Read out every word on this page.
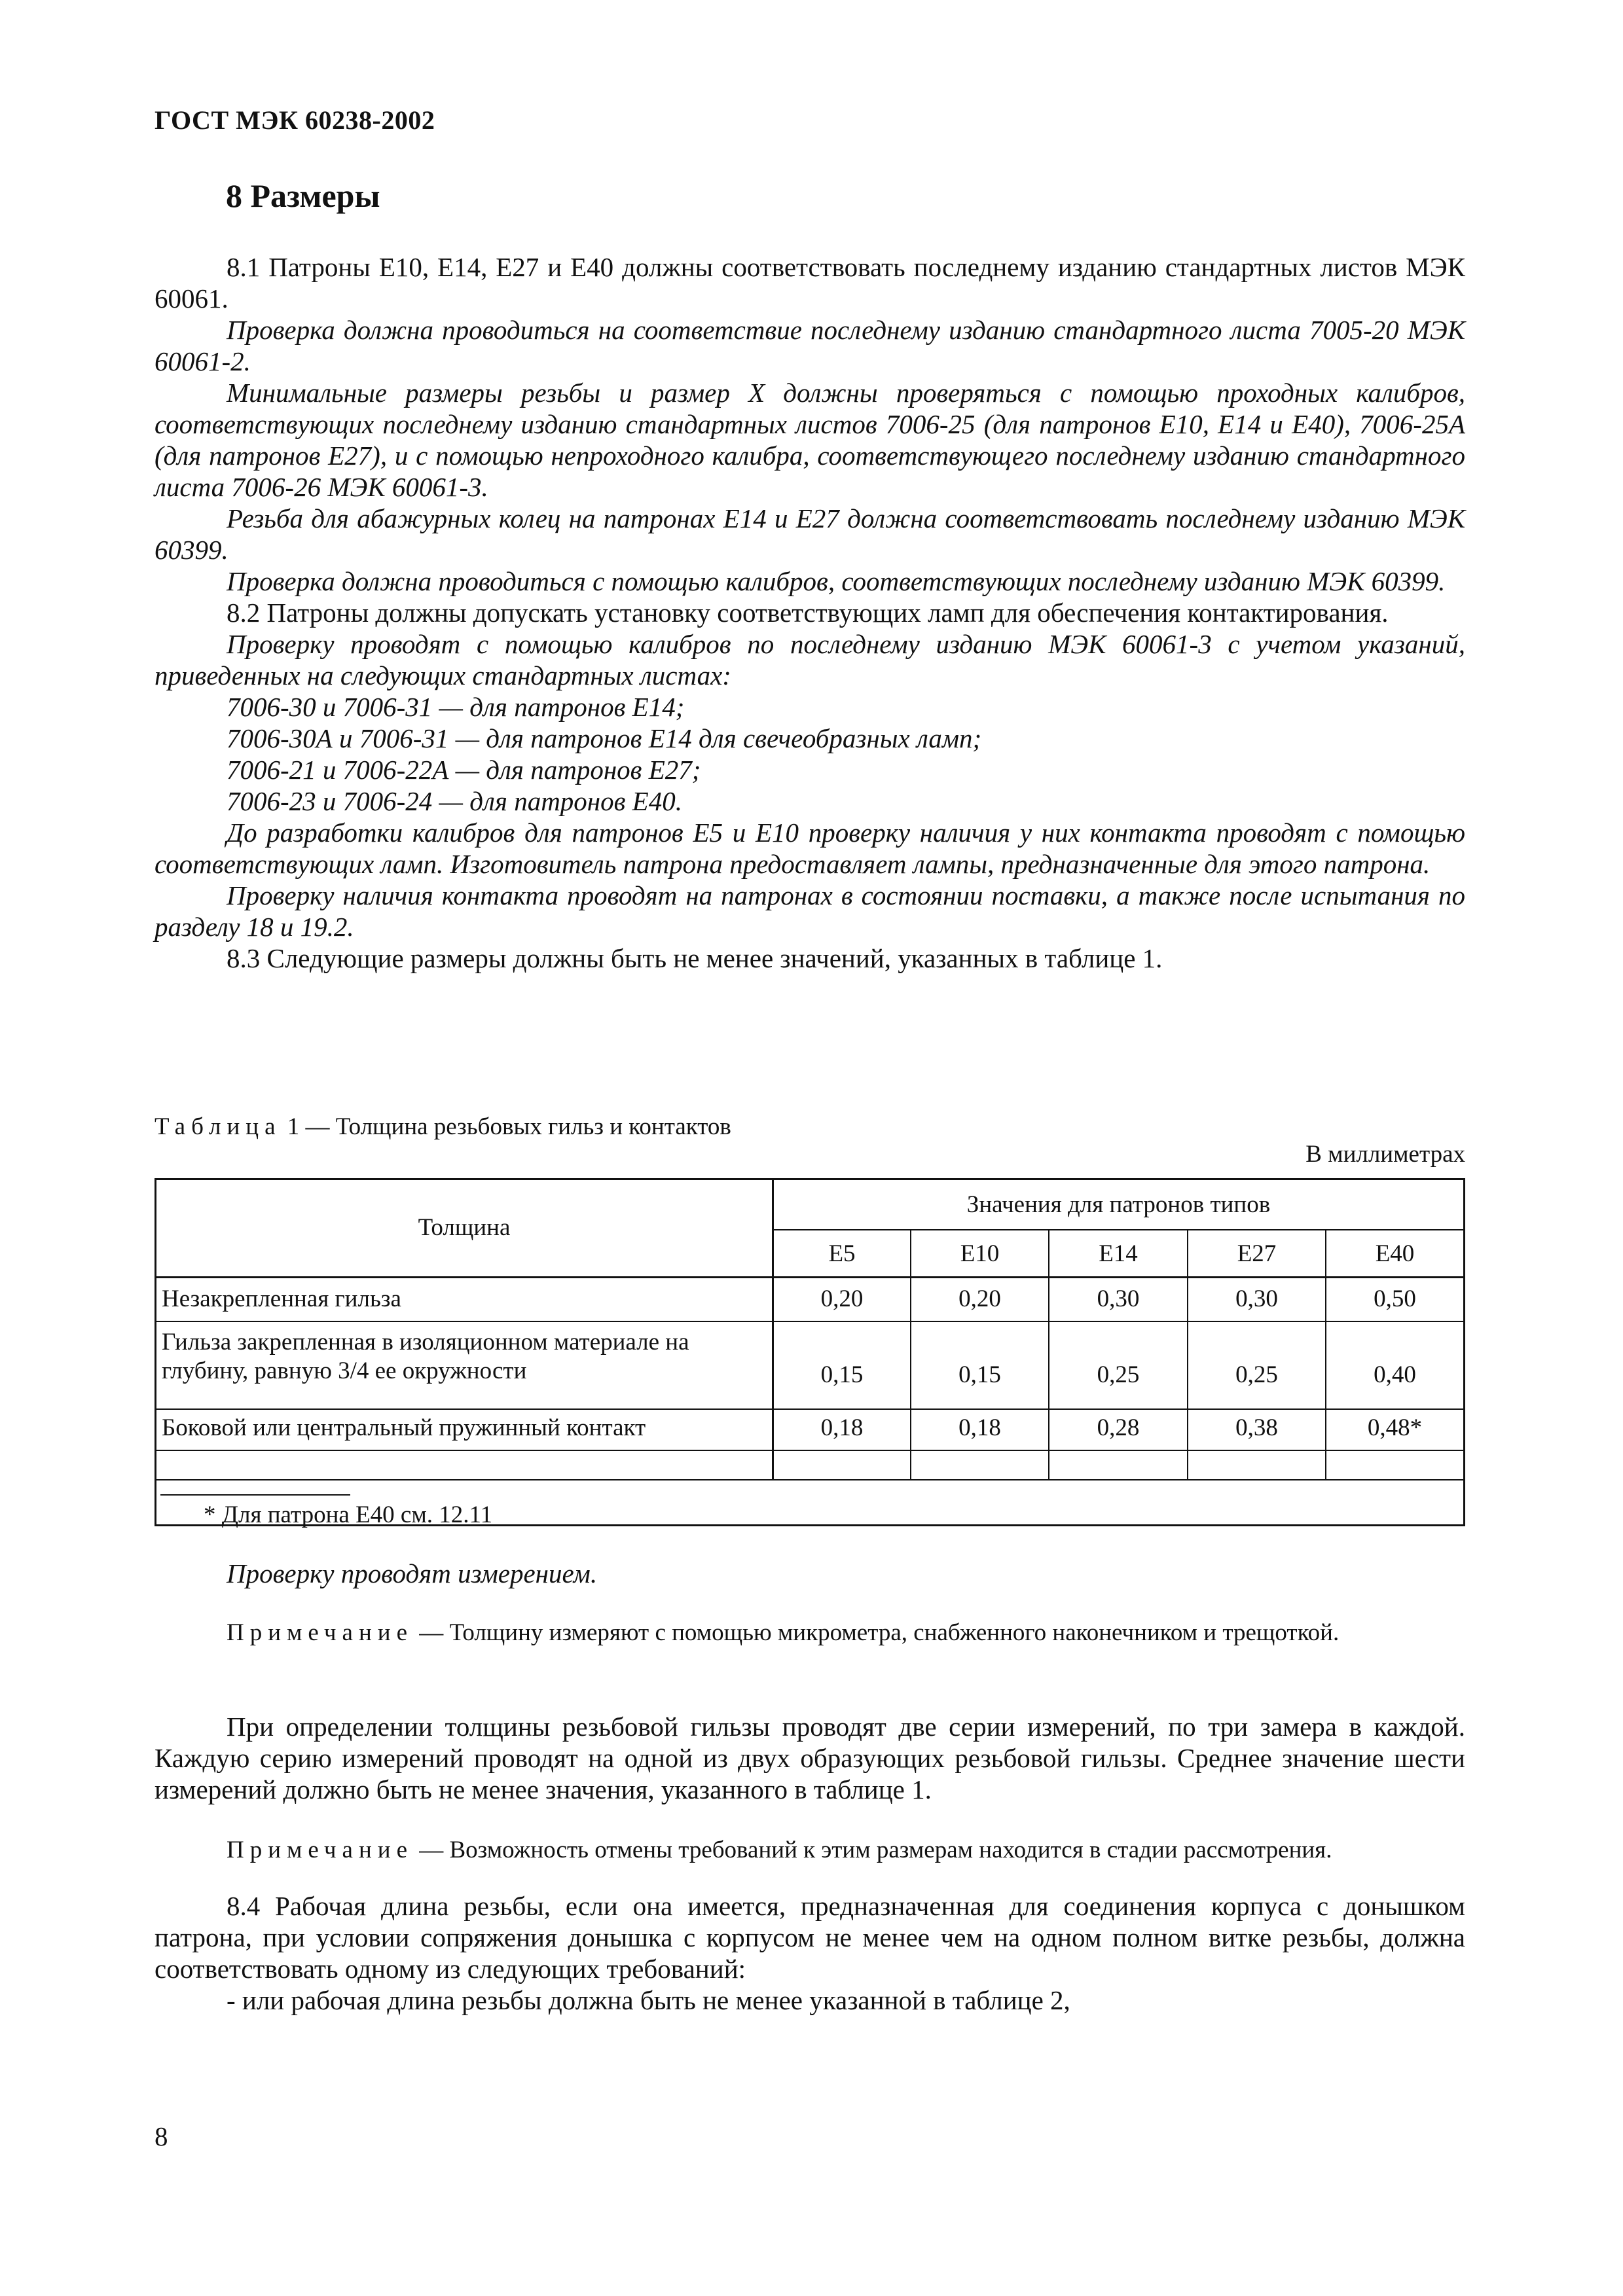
ГОСТ МЭК 60238-2002
8 Размеры

8.1 Патроны E10, E14, E27 и E40 должны соответствовать последнему изданию стандартных листов МЭК 60061.

Проверка должна проводиться на соответствие последнему изданию стандартного листа 7005-20 МЭК 60061-2.

Минимальные размеры резьбы и размер X должны проверяться с помощью проходных калибров, соответствующих последнему изданию стандартных листов 7006-25 (для патронов E10, E14 и E40), 7006-25А (для патронов E27), и с помощью непроходного калибра, соответствующего последнему изданию стандартного листа 7006-26 МЭК 60061-3.

Резьба для абажурных колец на патронах E14 и E27 должна соответствовать последнему изданию МЭК 60399.

Проверка должна проводиться с помощью калибров, соответствующих последнему изданию МЭК 60399.

8.2 Патроны должны допускать установку соответствующих ламп для обеспечения контактирования.

Проверку проводят с помощью калибров по последнему изданию МЭК 60061-3 с учетом указаний, приведенных на следующих стандартных листах:

7006-30 и 7006-31 — для патронов E14;

7006-30А и 7006-31 — для патронов E14 для свечеобразных ламп;

7006-21 и 7006-22А — для патронов E27;

7006-23 и 7006-24 — для патронов E40.

До разработки калибров для патронов E5 и E10 проверку наличия у них контакта проводят с помощью соответствующих ламп. Изготовитель патрона предоставляет лампы, предназначенные для этого патрона.

Проверку наличия контакта проводят на патронах в состоянии поставки, а также после испытания по разделу 18 и 19.2.

8.3 Следующие размеры должны быть не менее значений, указанных в таблице 1.

Таблица 1 — Толщина резьбовых гильз и контактов
В миллиметрах
Толщина
Значения для патронов типов
E5	E10	E14	E27	E40
Незакрепленная гильза	0,20	0,20	0,30	0,30	0,50
Гильза закрепленная в изоляционном материале на
глубину, равную 3/4 ее окружности	0,15	0,15	0,25	0,25	0,40
Боковой или центральный пружинный контакт	0,18	0,18	0,28	0,38	0,48*
* Для патрона E40 см. 12.11
Проверку проводят измерением.
Примечание — Толщину измеряют с помощью микрометра, снабженного наконечником и трещоткой.
При определении толщины резьбовой гильзы проводят две серии измерений, по три замера в каждой. Каждую серию измерений проводят на одной из двух образующих резьбовой гильзы. Среднее значение шести измерений должно быть не менее значения, указанного в таблице 1.
Примечание — Возможность отмены требований к этим размерам находится в стадии рассмотрения.

8.4 Рабочая длина резьбы, если она имеется, предназначенная для соединения корпуса с донышком патрона, при условии сопряжения донышка с корпусом не менее чем на одном полном витке резьбы, должна соответствовать одному из следующих требований:

- или рабочая длина резьбы должна быть не менее указанной в таблице 2,

8
